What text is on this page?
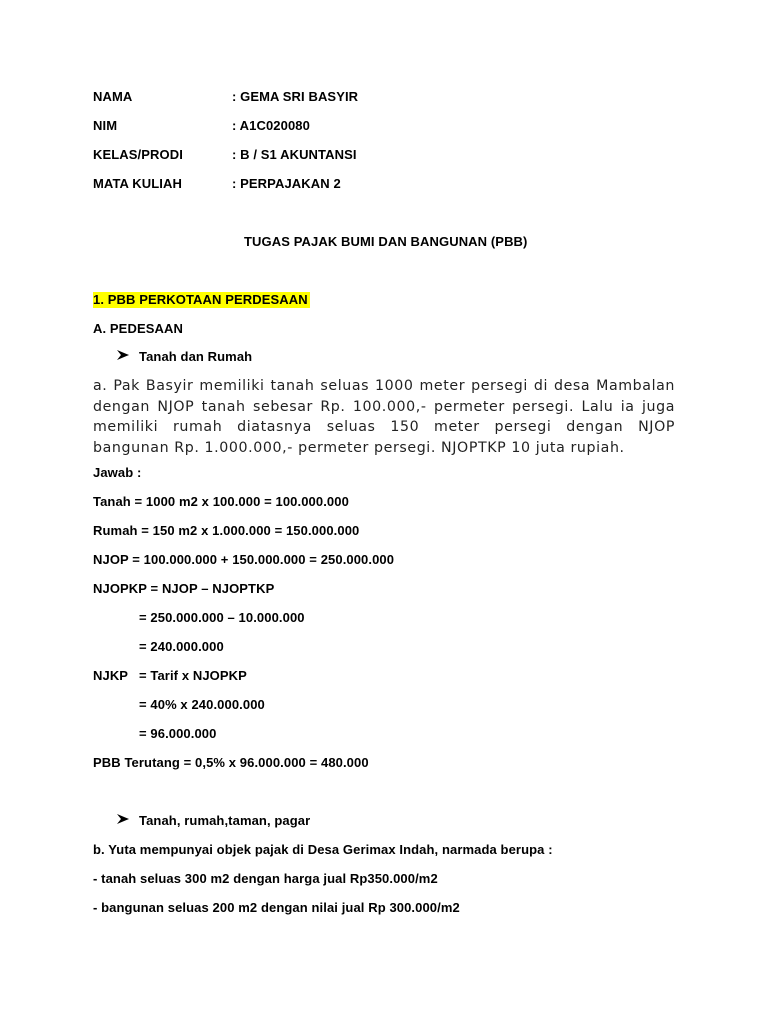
NAMA	: GEMA SRI BASYIR
NIM	: A1C020080
KELAS/PRODI	: B / S1 AKUNTANSI
MATA KULIAH	: PERPAJAKAN 2
TUGAS PAJAK BUMI DAN BANGUNAN (PBB)
1. PBB PERKOTAAN PERDESAAN
A. PEDESAAN
Tanah dan Rumah
a. Pak Basyir memiliki tanah seluas 1000 meter persegi di desa Mambalan dengan NJOP tanah sebesar Rp. 100.000,- permeter persegi. Lalu ia juga memiliki rumah diatasnya seluas 150 meter persegi dengan NJOP bangunan Rp. 1.000.000,- permeter persegi. NJOPTKP 10 juta rupiah.
Jawab :
Tanah = 1000 m2 x 100.000 = 100.000.000
Rumah = 150 m2 x 1.000.000 = 150.000.000
NJOP = 100.000.000 + 150.000.000 = 250.000.000
NJOPKP = NJOP – NJOPTKP
= 250.000.000 – 10.000.000
= 240.000.000
NJKP = Tarif x NJOPKP
= 40% x 240.000.000
= 96.000.000
PBB Terutang = 0,5% x 96.000.000 = 480.000
Tanah, rumah,taman, pagar
b. Yuta mempunyai objek pajak di Desa Gerimax Indah, narmada berupa :
- tanah seluas 300 m2 dengan harga jual Rp350.000/m2
- bangunan seluas 200 m2 dengan nilai jual Rp 300.000/m2
